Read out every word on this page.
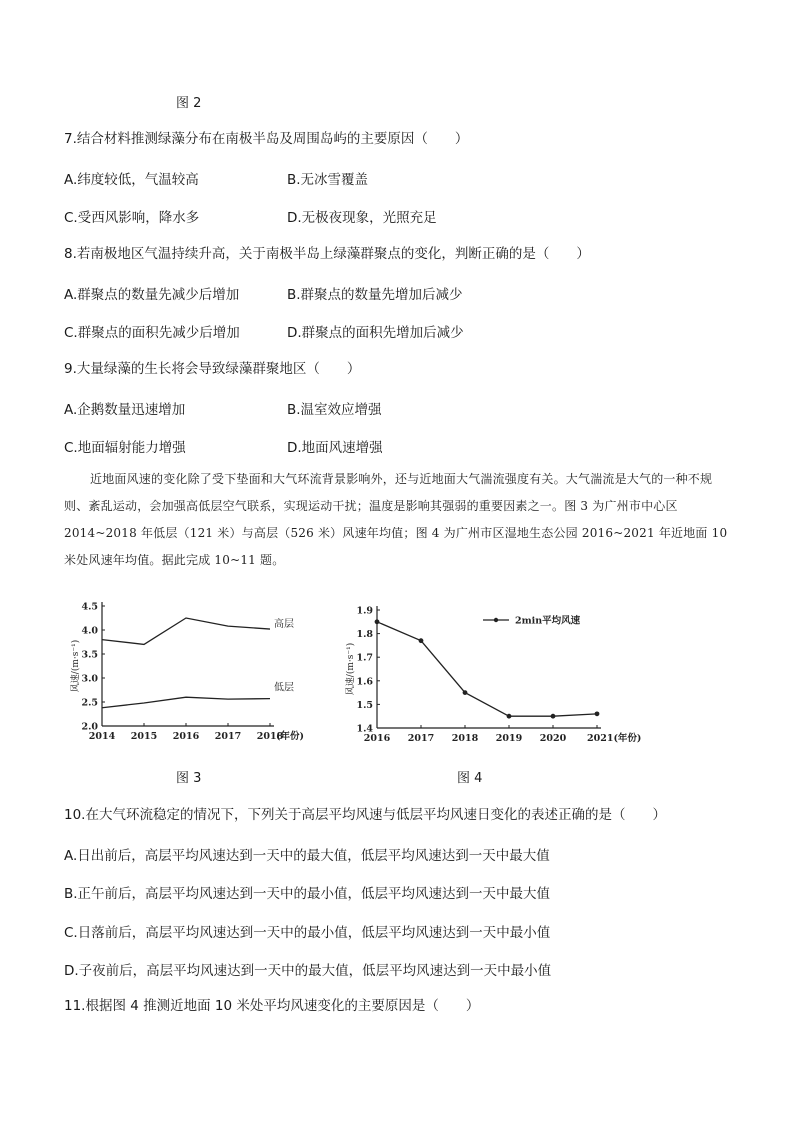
图 2
7.结合材料推测绿藻分布在南极半岛及周围岛屿的主要原因（　　）
A.纬度较低，气温较高	B.无冰雪覆盖
C.受西风影响，降水多	D.无极夜现象，光照充足
8.若南极地区气温持续升高，关于南极半岛上绿藻群聚点的变化，判断正确的是（　　）
A.群聚点的数量先减少后增加	B.群聚点的数量先增加后减少
C.群聚点的面积先减少后增加	D.群聚点的面积先增加后减少
9.大量绿藻的生长将会导致绿藻群聚地区（　　）
A.企鹅数量迅速增加	B.温室效应增强
C.地面辐射能力增强	D.地面风速增强
近地面风速的变化除了受下垫面和大气环流背景影响外，还与近地面大气湍流强度有关。大气湍流是大气的一种不规则、紊乱运动，会加强高低层空气联系，实现运动干扰；温度是影响其强弱的重要因素之一。图 3 为广州市中心区 2014~2018 年低层（121 米）与高层（526 米）风速年均值；图 4 为广州市区湿地生态公园 2016~2021 年近地面 10 米处风速年均值。据此完成 10~11 题。
2.0
2.5
3.0
3.5
4.0
4.5
2014 2015 2016 2017 2018
(年份)
风速/(m·s⁻¹)
高层
低层
1.4
1.5
1.6
1.7
1.8
1.9
2016 2017 2018 2019 2020 2021(年份)
风速/(m·s⁻¹)
2min平均风速
图 3	图 4
10.在大气环流稳定的情况下，下列关于高层平均风速与低层平均风速日变化的表述正确的是（　　）
A.日出前后，高层平均风速达到一天中的最大值，低层平均风速达到一天中最大值
B.正午前后，高层平均风速达到一天中的最小值，低层平均风速达到一天中最大值
C.日落前后，高层平均风速达到一天中的最小值，低层平均风速达到一天中最小值
D.子夜前后，高层平均风速达到一天中的最大值，低层平均风速达到一天中最小值
11.根据图 4 推测近地面 10 米处平均风速变化的主要原因是（　　）
